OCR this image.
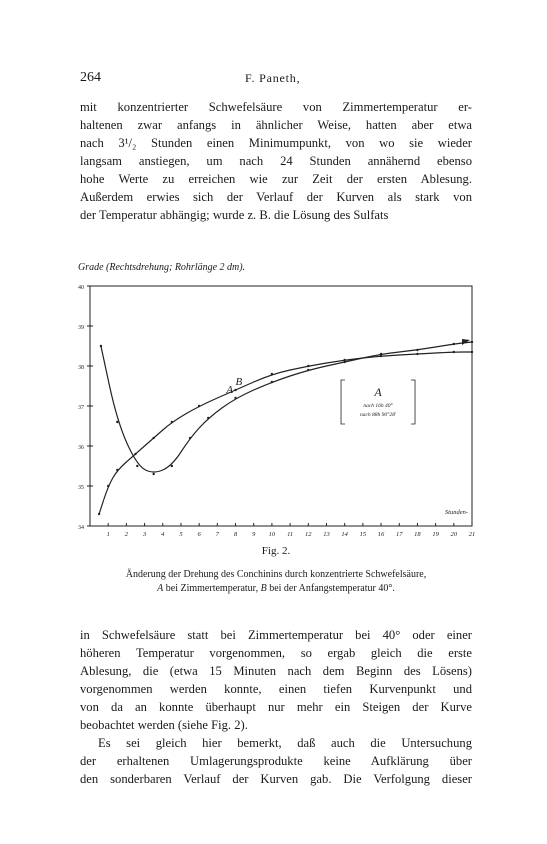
264	F. Paneth,
mit konzentrierter Schwefelsäure von Zimmertemperatur er-
haltenen zwar anfangs in ähnlicher Weise, hatten aber etwa
nach 3¹/₂ Stunden einen Minimumpunkt, von wo sie wieder
langsam anstiegen, um nach 24 Stunden annähernd ebenso
hohe Werte zu erreichen wie zur Zeit der ersten Ablesung.
Außerdem erwies sich der Verlauf der Kurven als stark von
der Temperatur abhängig; wurde z. B. die Lösung des Sulfats
Grade (Rechtsdrehung; Rohrlänge 2 dm).
34
35
36
37
38
39
40
1 2 3 4 5 6 7 8 9 10 11 12 13 14 15 16 17 18 19 20 21
Stunden-
A
B
A
nach 16h 40°
nach 88h 90°28'
Fig. 2.
Änderung der Drehung des Conchinins durch konzentrierte Schwefelsäure,
A bei Zimmertemperatur, B bei der Anfangstemperatur 40°.
in Schwefelsäure statt bei Zimmertemperatur bei 40° oder einer
höheren Temperatur vorgenommen, so ergab gleich die erste
Ablesung, die (etwa 15 Minuten nach dem Beginn des Lösens)
vorgenommen werden konnte, einen tiefen Kurvenpunkt und
von da an konnte überhaupt nur mehr ein Steigen der Kurve
beobachtet werden (siehe Fig. 2).
Es sei gleich hier bemerkt, daß auch die Untersuchung
der erhaltenen Umlagerungsprodukte keine Aufklärung über
den sonderbaren Verlauf der Kurven gab. Die Verfolgung dieser
